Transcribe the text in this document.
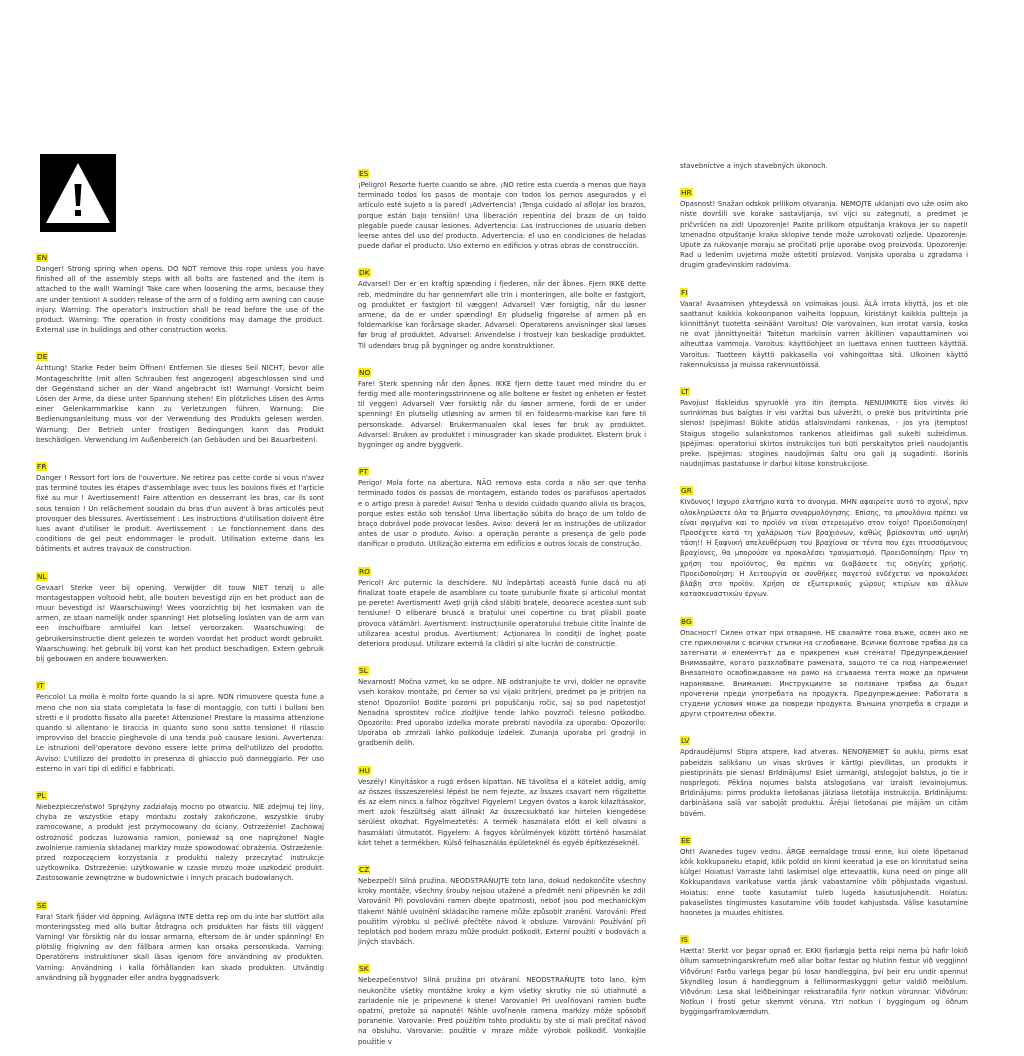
EN

Danger! Strong spring when opens. DO NOT remove this rope unless you have finished all of the assembly steps with all bolts are fastened and the item is attached to the wall! Warning! Take care when loosening the arms, because they are under tension! A sudden release of the arm of a folding arm awning can cause injury. Warning: The operator's instruction shall be read before the use of the product. Warning: The operation in frosty conditions may damage the product. External use in buildings and other construction works.

DE

Achtung! Starke Feder beim Öffnen! Entfernen Sie dieses Seil NICHT, bevor alle Montageschritte (mit allen Schrauben fest angezogen) abgeschlossen sind und der Gegenstand sicher an der Wand angebracht ist! Warnung! Vorsicht beim Lösen der Arme, da diese unter Spannung stehen! Ein plötzliches Lösen des Arms einer Gelenkarmmarkise kann zu Verletzungen führen. Warnung: Die Bedienungsanleitung muss vor der Verwendung des Produkts gelesen werden. Warnung: Der Betrieb unter frostigen Bedingungen kann das Produkt beschädigen. Verwendung im Außenbereich (an Gebäuden und bei Bauarbeiten).

FR

Danger ! Ressort fort lors de l'ouverture. Ne retirez pas cette corde si vous n'avez pas terminé toutes les étapes d'assemblage avec tous les boulons fixés et l'article fixé au mur ! Avertissement! Faire attention en desserrant les bras, car ils sont sous tension ! Un relâchement soudain du bras d'un auvent à bras articulés peut provoquer des blessures. Avertissement : Les instructions d'utilisation doivent être lues avant d'utiliser le produit. Avertissement : Le fonctionnement dans des conditions de gel peut endommager le produit. Utilisation externe dans les bâtiments et autres travaux de construction.

NL

Gevaar! Sterke veer bij opening. Verwijder dit touw NIET tenzij u alle montagestappen voltooid hebt, alle bouten bevestigd zijn en het product aan de muur bevestigd is! Waarschuwing! Wees voorzichtig bij het losmaken van de armen, ze staan namelijk onder spanning! Het plotseling loslaten van de arm van een inschuifbare armluifel kan letsel veroorzaken. Waarschuwing: de gebruikersinstructie dient gelezen te worden voordat het product wordt gebruikt. Waarschuwing: het gebruik bij vorst kan het product beschadigen. Extern gebruik bij gebouwen en andere bouwwerken.

IT

Pericolo! La molla è molto forte quando la si apre. NON rimuovere questa fune a meno che non sia stata completata la fase di montaggio, con tutti i bulloni ben stretti e il prodotto fissato alla parete! Attenzione! Prestare la massima attenzione quando si allentano le braccia in quanto sono sono sotto tensione! Il rilascio improvviso del braccio pieghevole di una tenda può causare lesioni. Avvertenza: Le istruzioni dell'operatore devono essere lette prima dell'utilizzo del prodotto. Avviso: L'utilizzo del prodotto in presenza di ghiaccio può danneggiarlo. Per uso esterno in vari tipi di edifici e fabbricati.

PL

Niebezpieczeństwo! Sprężyny zadziałają mocno po otwarciu. NIE zdejmuj tej liny, chyba że wszystkie etapy montażu zostały zakończone, wszystkie śruby zamocowane, a produkt jest przymocowany do ściany. Ostrzeżenie! Zachowaj ostrożność podczas luzowania ramion, ponieważ są one naprężone! Nagłe zwolnienie ramienia składanej markizy może spowodować obrażenia. Ostrzeżenie: przed rozpoczęciem korzystania z produktu należy przeczytać instrukcje użytkownika. Ostrzeżenie: użytkowanie w czasie mrozu może uszkodzić produkt. Zastosowanie zewnętrzne w budownictwie i innych pracach budowlanych.

SE

Fara! Stark fjäder vid öppning. Avlägsna INTE detta rep om du inte har slutfört alla monteringssteg med alla bultar åtdragna och produkten har fästs till väggen! Varning! Var försiktig när du lossar armarna, eftersom de är under spänning! En plötslig frigivning av den fällbara armen kan orsaka personskada. Varning: Operatörens instruktioner skall läsas igenom före användning av produkten. Varning: Användning i kalla förhållanden kan skada produkten. Utvändig användning på byggnader eller andra byggnadsverk.

ES

¡Peligro! Resorte fuerte cuando se abre. ¡NO retire esta cuerda a menos que haya terminado todos los pasos de montaje con todos los pernos asegurados y el artículo esté sujeto a la pared! ¡Advertencia! ¡Tenga cuidado al aflojar los brazos, porque están bajo tensión! Una liberación repentina del brazo de un toldo plegable puede causar lesiones. Advertencia: Las instrucciones de usuario deben leerse antes del uso del producto. Advertencia: el uso en condiciones de heladas puede dañar el producto. Uso externo en edificios y otras obras de construcción.

DK

Advarsel! Der er en kraftig spænding i fjederen, når der åbnes. Fjern IKKE dette reb, medmindre du har gennemført alle trin i monteringen, alle bolte er fastgjort, og produktet er fastgjort til væggen! Advarsel! Vær forsigtig, når du løsner armene, da de er under spænding! En pludselig frigørelse af armen på en foldemarkise kan forårsage skader. Advarsel: Operatørens anvisninger skal læses før brug af produktet. Advarsel: Anvendelse i frostvejr kan beskadige produktet. Til udendørs brug på bygninger og andre konstruktioner.

NO

Fare! Sterk spenning når den åpnes. IKKE fjern dette tauet med mindre du er ferdig med alle monteringsstrinnene og alle boltene er festet og enheten er festet til veggen! Advarsel! Vær forsiktig når du løsner armene, fordi de er under spenning! En plutselig utløsning av armen til en foldearms-markise kan føre til personskade. Advarsel: Brukermanualen skal leses før bruk av produktet. Advarsel: Bruken av produktet i minusgrader kan skade produktet. Ekstern bruk i bygninger og andre byggverk.

PT

Perigo! Mola forte na abertura. NÃO remova esta corda a não ser que tenha terminado todos os passos de montagem, estando todos os parafusos apertados e o artigo preso à parede! Aviso! Tenha o devido cuidado quando alivia os braços, porque estes estão sob tensão! Uma libertação súbita do braço de um toldo de braço dobrável pode provocar lesões. Aviso: deverá ler as instruções de utilizador antes de usar o produto. Aviso: a operação perante a presença de gelo pode danificar o produto. Utilização externa em edifícios e outros locais de construção.

RO

Pericol! Arc puternic la deschidere. NU îndepărtați această funie dacă nu ați finalizat toate etapele de asamblare cu toate șuruburile fixate și articolul montat pe perete! Avertisment! Aveți grijă când slăbiți brațele, deoarece acestea sunt sub tensiune! O eliberare bruscă a brațului unei copertine cu braț pliabil poate provoca vătămări. Avertisment: Instrucțiunile operatorului trebuie citite înainte de utilizarea acestui produs. Avertisment: Acționarea în condiții de îngheț poate deteriora produsul. Utilizare externă la clădiri și alte lucrări de construcție.

SL

Nevarnost! Močna vzmet, ko se odpre. NE odstranjujte te vrvi, dokler ne opravite vseh korakov montaže, pri čemer so vsi vijaki pritrjeni, predmet pa je pritrjen na steno! Opozorilo! Bodite pozorni pri popuščanju ročic, saj so pod napetostjo! Nenadna sprostitev ročice zložljive tende lahko povzroči telesno poškodbo. Opozorilo: Pred uporabo izdelka morate prebrati navodila za uporabo. Opozorilo: Uporaba ob zmrzali lahko poškoduje izdelek. Zunanja uporaba pri gradnji in gradbenih delih.

HU

Veszély! Kinyitáskor a rugó erősen kipattan. NE távolítsa el a kötelet addig, amíg az összes összeszerelési lépést be nem fejezte, az összes csavart nem rögzítette és az elem nincs a falhoz rögzítve! Figyelem! Legyen óvatos a karok kilazításakor, mert azok feszültség alatt állnak! Az összecsukható kar hirtelen kiengedése sérülést okozhat. Figyelmeztetés: A termék használata előtt el kell olvasni a használati útmutatót. Figyelem: A fagyos körülmények között történő használat kárt tehet a termékben. Külső felhasználás épületeknél és egyéb építkezéseknél.

CZ

Nebezpečí! Silná pružina. NEODSTRAŇUJTE toto lano, dokud nedokončíte všechny kroky montáže, všechny šrouby nejsou utažené a předmět není připevněn ke zdi! Varování! Při povolování ramen dbejte opatrnosti, neboť jsou pod mechanickým tlakem! Náhlé uvolnění skládacího ramene může způsobit zranění. Varování: Před použitím výrobku si pečlivě přečtěte návod k obsluze. Varování: Používání při teplotách pod bodem mrazu může produkt poškodit. Externí použití v budovách a jiných stavbách.

SK

Nebezpečenstvo! Silná pružina pri otváraní. NEODSTRAŇUJTE toto lano, kým neukončíte všetky montážne kroky a kým všetky skrutky nie sú utiahnuté a zariadenie nie je pripevnené k stene! Varovanie! Pri uvoľňovaní ramien buďte opatrní, pretože sú napnuté! Náhle uvoľnenie ramena markízy môže spôsobiť poranenie. Varovanie: Pred použitím tohto produktu by ste si mali prečítať návod na obsluhu. Varovanie: použitie v mraze môže výrobok poškodiť. Vonkajšie použitie v

stavebníctve a iných stavebných úkonoch.

HR

Opasnost! Snažan odskok prilikom otvaranja. NEMOJTE uklanjati ovo uže osim ako niste dovršili sve korake sastavljanja, svi vijci su zategnuti, a predmet je pričvršćen na zid! Upozorenje! Pazite prilikom otpuštanja krakova jer su napeti! Iznenadno otpuštanje kraka sklopive tende može uzrokovati ozljede. Upozorenje: Upute za rukovanje moraju se pročitati prije uporabe ovog proizvoda. Upozorenje: Rad u ledenim uvjetima može oštetiti proizvod. Vanjska uporaba u zgradama i drugim građevinskim radovima.

FI

Vaara! Avaamisen yhteydessä on voimakas jousi. ÄLÄ irrota köyttä, jos et ole saattanut kaikkia kokoonpanon vaiheita loppuun, kiristänyt kaikkia pultteja ja kiinnittänyt tuotetta seinään! Varoitus! Ole varovainen, kun irrotat varsia, koska ne ovat jännittyneitä! Taitetun markiisin varren äkillinen vapauttaminen voi aiheuttaa vammoja. Varoitus: käyttöohjeet on luettava ennen tuotteen käyttöä. Varoitus: Tuotteen käyttö pakkasella voi vahingoittaa sitä. Ulkoinen käyttö rakennuksissa ja muissa rakennustöissä.

LT

Pavojus! Išskleidus spyruoklė yra itin įtempta. NENUIMKITE šios virvės iki surinkimas bus baigtas ir visi varžtai bus užveržti, o prekė bus pritvirtinta prie sienos! Įspėjimas! Būkite atidūs atlaisvindami rankenas, - jos yra įtemptos! Staigus stogelio sulankstomos rankenos atleidimas gali sukelti sužeidimus. Įspėjimas: operatoriui skirtos instrukcijos turi būti perskaitytos prieš naudojantis preke. Įspėjimas: stogines naudojimas šaltu oru gali ją sugadinti. Išorinis naudojimas pastatuose ir darbui kitose konstrukcijose.

GR

Κίνδυνος! Ισχυρό ελατήριο κατά το άνοιγμα. ΜΗΝ αφαιρείτε αυτό το σχοινί, πριν ολοκληρώσετε όλα τα βήματα συναρμολόγησης. Επίσης, τα μπουλόνια πρέπει να είναι σφιγμένα και το προϊόν να είναι στερεωμένο στον τοίχο! Προειδοποίηση! Προσέχετε κατά τη χαλάρωση των βραχιόνων, καθώς βρίσκονται υπό υψηλή τάση!! Η ξαφνική απελευθέρωση του βραχίονα σε τέντα που έχει πτυσσόμενους βραχίονες, θα μπορούσε να προκαλέσει τραυματισμό. Προειδοποίηση: Πριν τη χρήση του προϊόντος, θα πρέπει να διαβάσετε τις οδηγίες χρήσης. Προειδοποίηση: Η λειτουργία σε συνθήκες παγετού ενδέχεται να προκαλέσει βλάβη στο προϊόν. Χρήση σε εξωτερικούς χώρους κτιρίων και άλλων κατασκευαστικών έργων.

BG

Опасност! Силен откат при отваряне. НЕ сваляйте това въже, освен ако не сте приключили с всички стъпки на сглобяване. Всички болтове трябва да са затегнати и елементът да е прикрепен към стената! Предупреждение! Внимавайте, когато разхлабвате рамената, защото те са под напрежение! Внезапното освобождаване на рамо на сгъваема тента може да причини нараняване. Внимание: Инструкциите за ползване трябва да бъдат прочетени преди употребата на продукта. Предупреждение: Работата в студени условия може да повреди продукта. Външна употреба в сгради и други строителни обекти.

LV

Apdraudējums! Stipra atspere, kad atveras. NENOŅEMIET šo auklu, pirms esat pabeidzis salikšanu un visas skrūves ir kārtīgi pievilktas, un produkts ir piestiprināts pie sienas! Brīdinājums! Esiet uzmanīgi, atslogojot balstus, jo tie ir nospriegoti. Pēkšņa nojumes balsta atslogošana var izraisīt ievainojumus. Brīdinājums: pirms produkta lietošanas jāizlasa lietotāja instrukcija. Brīdinājums: darbināšana salā var sabojāt produktu. Ārējai lietošanai pie mājām un citām būvēm.

EE

Oht! Avanedes tugev vedru. ÄRGE eemaldage trossi enne, kui olete lõpetanud kõik kokkupaneku etapid, kõik poldid on kinni keeratud ja ese on kinnitatud seina külge! Hoiatus! Varraste lahti laskmisel olge ettevaatlik, kuna need on pinge all! Kokkupandava varikatuse varda järsk vabastamine võib põhjustada vigastusi. Hoiatus: enne toote kasutamist tuleb lugeda kasutusjuhendit. Hoiatus: pakaselistes tingimustes kasutamine võib toodet kahjustada. Välise kasutamine hoonetes ja muudes ehitistes.

IS

Hætta! Sterkt vor þegar opnað er. EKKI fjarlægja þetta reipi nema þú hafir lokið öllum samsetningarskrefum með allar boltar festar og hlutinn festur við veggjinn! Viðvörun! Farðu varlega þegar þú losar handleggina, því þeir eru undir spennu! Skyndileg losun á handleggnum á fellimarmaskyggni getur valdið meiðslum. Viðvörun: Lesa skal leiðbeiningar rekstraraðila fyrir notkun vörunnar. Viðvörun: Notkun í frosti getur skemmt vöruna. Ytri notkun í byggingum og öðrum byggingarframkvæmdum.
